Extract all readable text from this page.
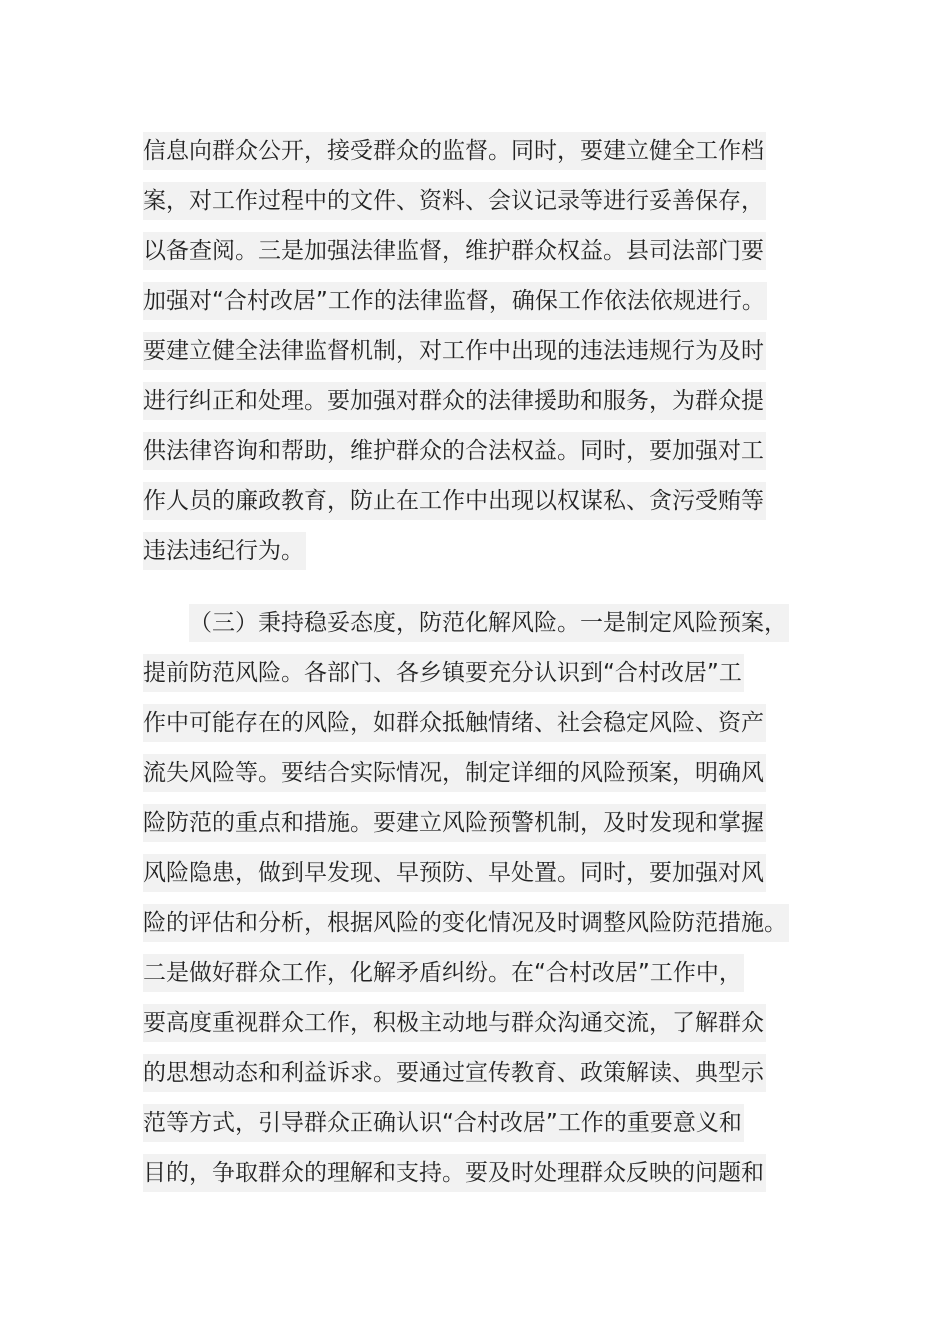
信息向群众公开，接受群众的监督。同时，要建立健全工作档
案，对工作过程中的文件、资料、会议记录等进行妥善保存，
以备查阅。三是加强法律监督，维护群众权益。县司法部门要
加强对“合村改居”工作的法律监督，确保工作依法依规进行。
要建立健全法律监督机制，对工作中出现的违法违规行为及时
进行纠正和处理。要加强对群众的法律援助和服务，为群众提
供法律咨询和帮助，维护群众的合法权益。同时，要加强对工
作人员的廉政教育，防止在工作中出现以权谋私、贪污受贿等
违法违纪行为。
（三）秉持稳妥态度，防范化解风险。一是制定风险预案，
提前防范风险。各部门、各乡镇要充分认识到“合村改居”工
作中可能存在的风险，如群众抵触情绪、社会稳定风险、资产
流失风险等。要结合实际情况，制定详细的风险预案，明确风
险防范的重点和措施。要建立风险预警机制，及时发现和掌握
风险隐患，做到早发现、早预防、早处置。同时，要加强对风
险的评估和分析，根据风险的变化情况及时调整风险防范措施。
二是做好群众工作，化解矛盾纠纷。在“合村改居”工作中，
要高度重视群众工作，积极主动地与群众沟通交流，了解群众
的思想动态和利益诉求。要通过宣传教育、政策解读、典型示
范等方式，引导群众正确认识“合村改居”工作的重要意义和
目的，争取群众的理解和支持。要及时处理群众反映的问题和
